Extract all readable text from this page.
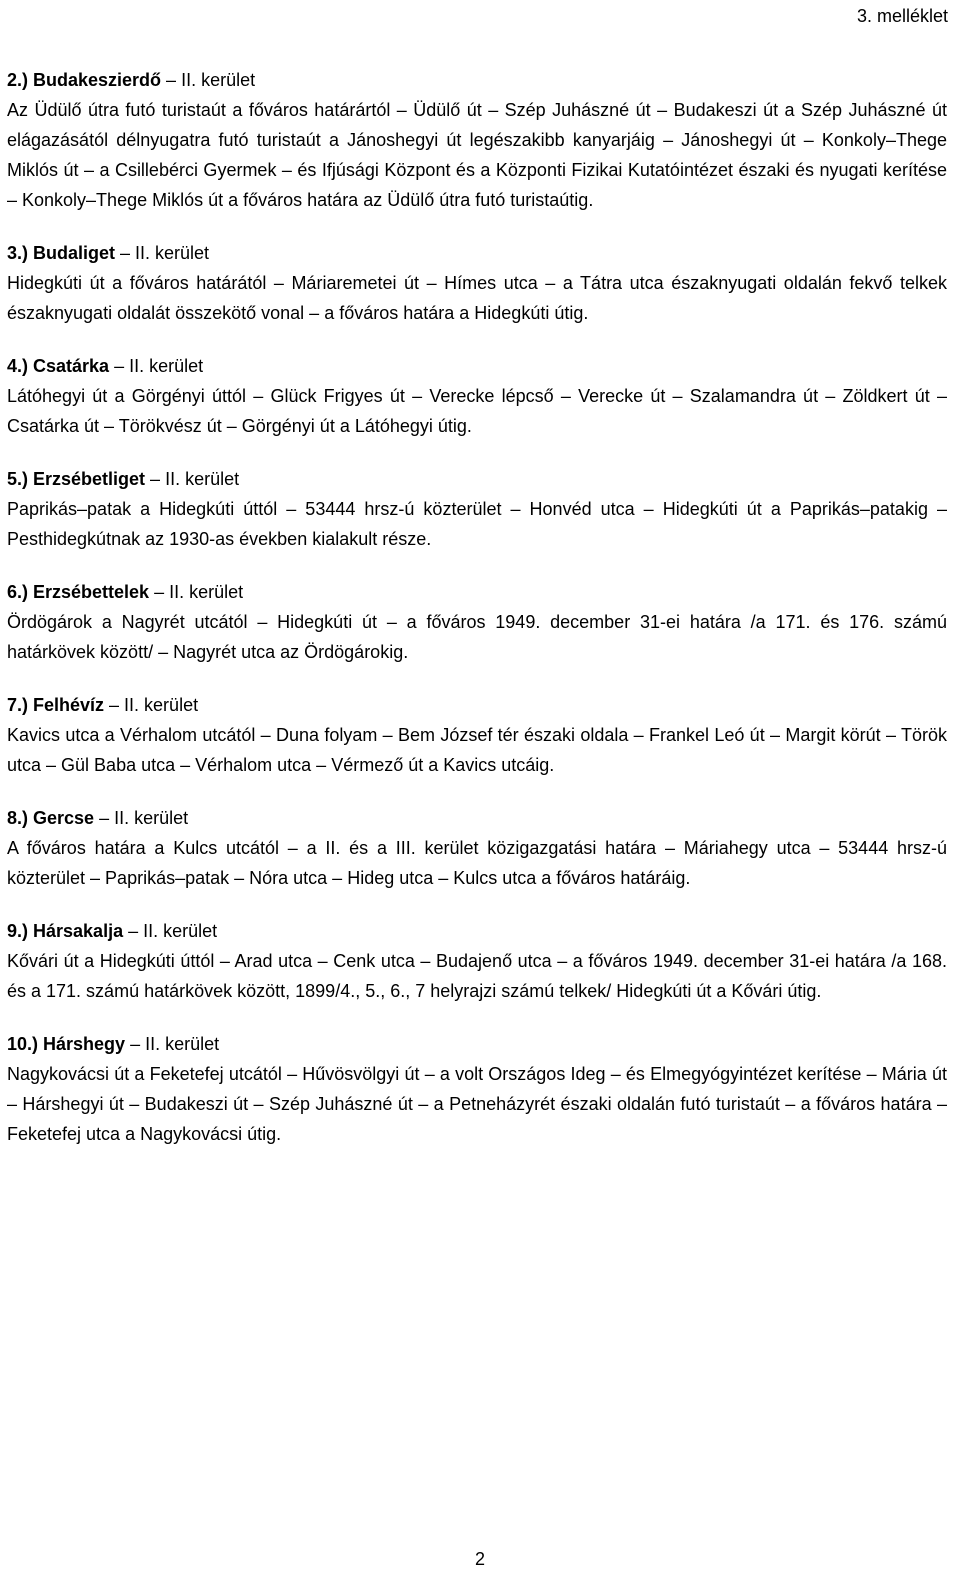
3. melléklet
2.) Budakeszierdő – II. kerület
Az Üdülő útra futó turistaút a főváros határártól – Üdülő út – Szép Juhászné út – Budakeszi út a Szép Juhászné út elágazásától délnyugatra futó turistaút a Jánoshegyi út legészakibb kanyarjáig – Jánoshegyi út – Konkoly–Thege Miklós út – a Csillebérci Gyermek – és Ifjúsági Központ és a Központi Fizikai Kutatóintézet északi és nyugati kerítése – Konkoly–Thege Miklós út a főváros határa az Üdülő útra futó turistaútig.
3.) Budaliget – II. kerület
Hidegkúti út a főváros határától – Máriaremetei út – Hímes utca – a Tátra utca északnyugati oldalán fekvő telkek északnyugati oldalát összekötő vonal – a főváros határa a Hidegkúti útig.
4.) Csatárka – II. kerület
Látóhegyi út a Görgényi úttól – Glück Frigyes út – Verecke lépcső – Verecke út – Szalamandra út – Zöldkert út – Csatárka út – Törökvész út – Görgényi út a Látóhegyi útig.
5.) Erzsébetliget – II. kerület
Paprikás–patak a Hidegkúti úttól – 53444 hrsz-ú közterület – Honvéd utca – Hidegkúti út a Paprikás–patakig – Pesthidegkútnak az 1930-as években kialakult része.
6.) Erzsébettelek – II. kerület
Ördögárok a Nagyrét utcától – Hidegkúti út – a főváros 1949. december 31-ei határa /a 171. és 176. számú határkövek között/ – Nagyrét utca az Ördögárokig.
7.) Felhévíz – II. kerület
Kavics utca a Vérhalom utcától – Duna folyam – Bem József tér északi oldala – Frankel Leó út – Margit körút – Török utca – Gül Baba utca – Vérhalom utca – Vérmező út a Kavics utcáig.
8.) Gercse – II. kerület
A főváros határa a Kulcs utcától – a II. és a III. kerület közigazgatási határa – Máriahegy utca – 53444 hrsz-ú közterület – Paprikás–patak – Nóra utca – Hideg utca – Kulcs utca a főváros határáig.
9.) Hársakalja – II. kerület
Kővári út a Hidegkúti úttól – Arad utca – Cenk utca – Budajenő utca – a főváros 1949. december 31-ei határa /a 168. és a 171. számú határkövek között, 1899/4., 5., 6., 7 helyrajzi számú telkek/ Hidegkúti út a Kővári útig.
10.) Hárshegy – II. kerület
Nagykovácsi út a Feketefej utcától – Hűvösvölgyi út – a volt Országos Ideg – és Elmegyógyintézet kerítése – Mária út – Hárshegyi út – Budakeszi út – Szép Juhászné út – a Petneházyrét északi oldalán futó turistaút – a főváros határa – Feketefej utca a Nagykovácsi útig.
2
